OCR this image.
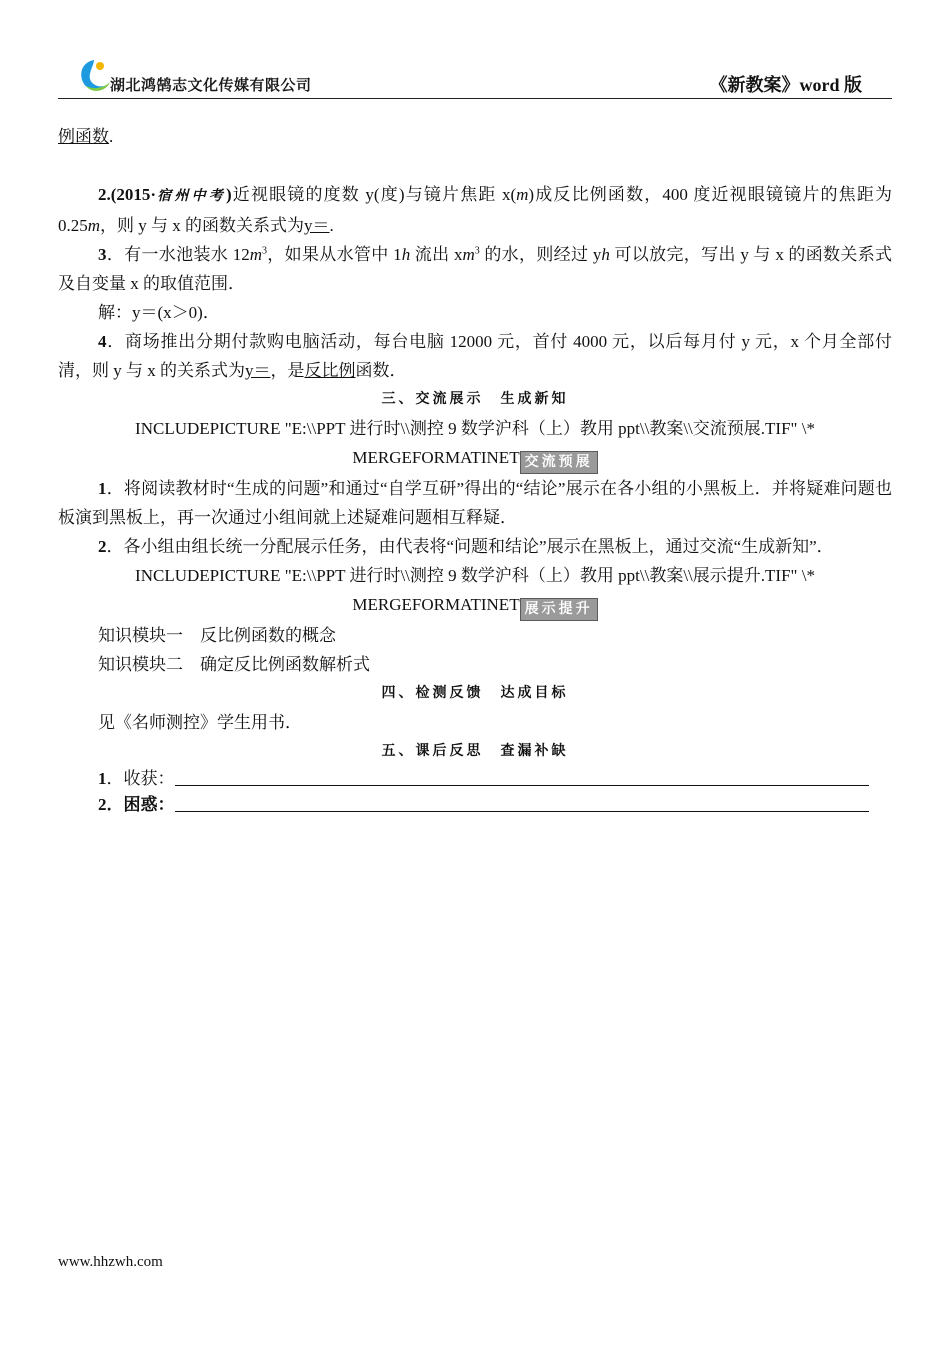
湖北鸿鹄志文化传媒有限公司	《新教案》word 版

例函数.

2.(2015·宿州中考)近视眼镜的度数 y(度)与镜片焦距 x(m)成反比例函数，400 度近视眼镜镜片的焦距为 0.25m，则 y 与 x 的函数关系式为y＝.

3．有一水池装水 $12m^3$，如果从水管中 1h 流出 $xm^3$ 的水，则经过 yh 可以放完，写出 y 与 x 的函数关系式及自变量 x 的取值范围．

解：y＝(x＞0)．

4．商场推出分期付款购电脑活动，每台电脑 12000 元，首付 4000 元，以后每月付 y 元，x 个月全部付清，则 y 与 x 的关系式为y＝，是反比例函数．

三、交流展示　生成新知

INCLUDEPICTURE "E:\\PPT 进行时\\测控 9 数学沪科（上）教用 ppt\\教案\\交流预展.TIF" \*

MERGEFORMATINET 交流预展

1．将阅读教材时“生成的问题”和通过“自学互研”得出的“结论”展示在各小组的小黑板上．并将疑难问题也板演到黑板上，再一次通过小组间就上述疑难问题相互释疑．

2．各小组由组长统一分配展示任务，由代表将“问题和结论”展示在黑板上，通过交流“生成新知”．

INCLUDEPICTURE "E:\\PPT 进行时\\测控 9 数学沪科（上）教用 ppt\\教案\\展示提升.TIF" \*

MERGEFORMATINET 展示提升

知识模块一　反比例函数的概念

知识模块二　确定反比例函数解析式

四、检测反馈　达成目标

见《名师测控》学生用书．

五、课后反思　查漏补缺

1．收获：

2．困惑：

www.hhzwh.com
